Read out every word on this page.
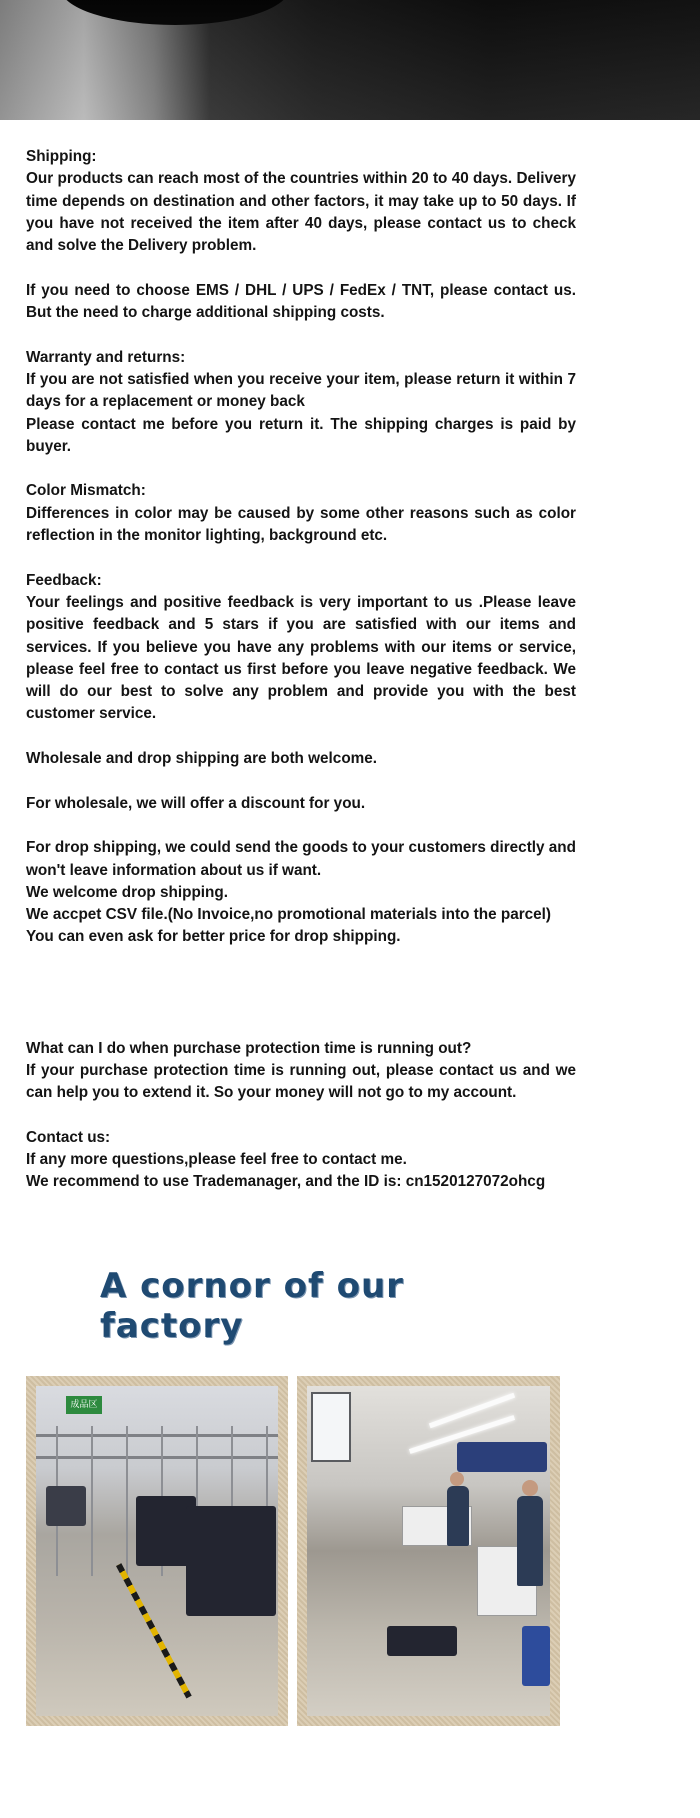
Shipping:
Our products can reach most of the countries within 20 to 40 days. Delivery time depends on destination and other factors, it may take up to 50 days. If you have not received the item after 40 days, please contact us to check and solve the Delivery problem.
If you need to choose EMS / DHL / UPS / FedEx / TNT, please contact us. But the need to charge additional shipping costs.
Warranty and returns:
If you are not satisfied when you receive your item, please return it within 7 days for a replacement or money back
Please contact me before you return it. The shipping charges is paid by buyer.
Color Mismatch:
Differences in color may be caused by some other reasons such as color reflection in the monitor lighting, background etc.
Feedback:
Your feelings and positive feedback is very important to us .Please leave positive feedback and 5 stars if you are satisfied with our items and services. If you believe you have any problems with our items or service, please feel free to contact us first before you leave negative feedback. We will do our best to solve any problem and provide you with the best customer service.
Wholesale and drop shipping are both welcome.
For wholesale, we will offer a discount for you.
For drop shipping, we could send the goods to your customers directly and won't leave information about us if want.
We welcome drop shipping.
We accpet CSV file.(No Invoice,no promotional materials into the parcel)
You can even ask for better price for drop shipping.
What can I do when purchase protection time is running out?
If your purchase protection time is running out, please contact us and we can help you to extend it. So your money will not go to my account.
Contact us:
If any more questions,please feel free to contact me.
We recommend to use Trademanager, and the ID is: cn1520127072ohcg
A cornor of our factory
成品区
